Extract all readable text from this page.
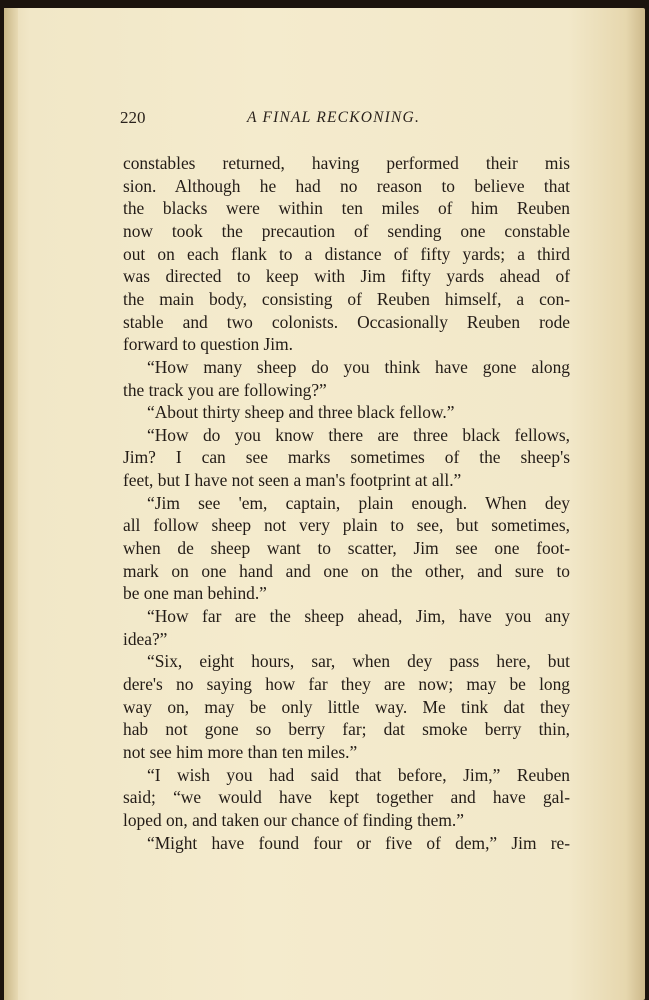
220	A FINAL RECKONING.
constables returned, having performed their mis
sion. Although he had no reason to believe that
the blacks were within ten miles of him Reuben
now took the precaution of sending one constable
out on each flank to a distance of fifty yards; a third
was directed to keep with Jim fifty yards ahead of
the main body, consisting of Reuben himself, a con-
stable and two colonists. Occasionally Reuben rode
forward to question Jim.
“How many sheep do you think have gone along
the track you are following?”
“About thirty sheep and three black fellow.”
“How do you know there are three black fellows,
Jim? I can see marks sometimes of the sheep's
feet, but I have not seen a man's footprint at all.”
“Jim see 'em, captain, plain enough. When dey
all follow sheep not very plain to see, but sometimes,
when de sheep want to scatter, Jim see one foot-
mark on one hand and one on the other, and sure to
be one man behind.”
“How far are the sheep ahead, Jim, have you any
idea?”
“Six, eight hours, sar, when dey pass here, but
dere's no saying how far they are now; may be long
way on, may be only little way. Me tink dat they
hab not gone so berry far; dat smoke berry thin,
not see him more than ten miles.”
“I wish you had said that before, Jim,” Reuben
said; “we would have kept together and have gal-
loped on, and taken our chance of finding them.”
“Might have found four or five of dem,” Jim re-
